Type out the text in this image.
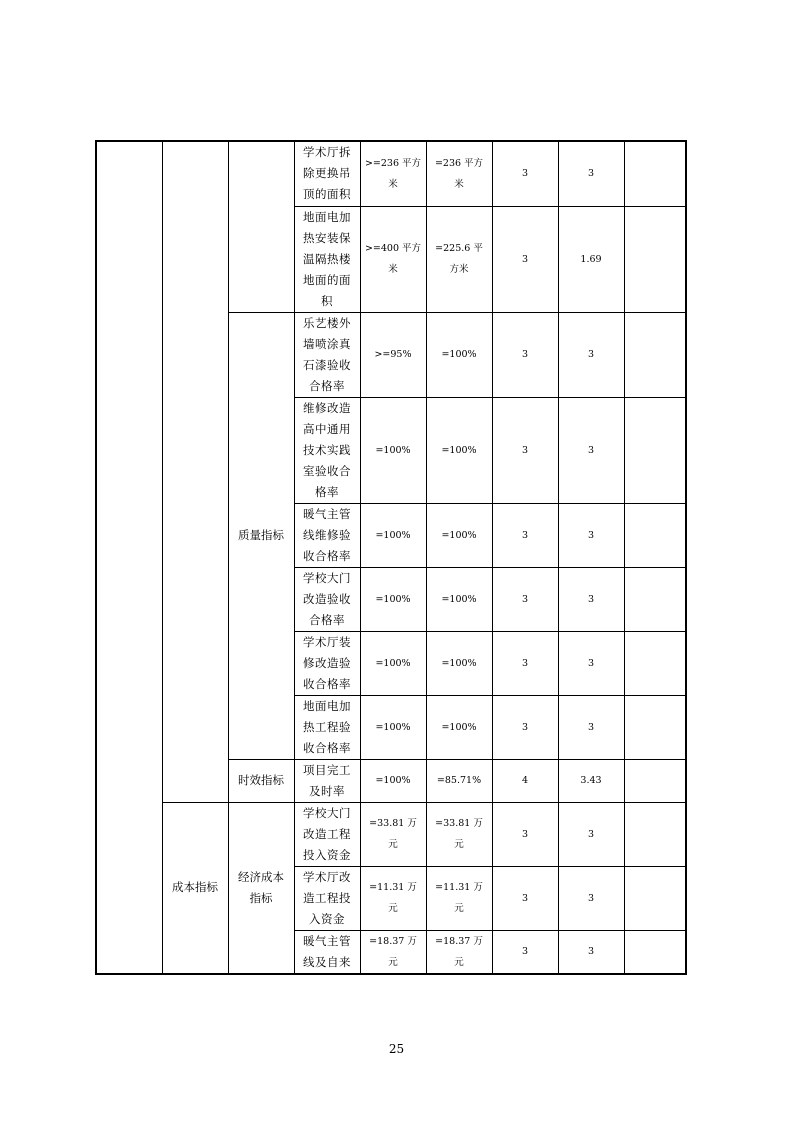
			学术厅拆除更换吊顶的面积	>=236 平方米	=236 平方米	3	3	
			地面电加热安装保温隔热楼地面的面积	>=400 平方米	=225.6 平方米	3	1.69	
		质量指标	乐艺楼外墙喷涂真石漆验收合格率	>=95%	=100%	3	3	
			维修改造高中通用技术实践室验收合格率	=100%	=100%	3	3	
			暖气主管线维修验收合格率	=100%	=100%	3	3	
			学校大门改造验收合格率	=100%	=100%	3	3	
			学术厅装修改造验收合格率	=100%	=100%	3	3	
			地面电加热工程验收合格率	=100%	=100%	3	3	
		时效指标	项目完工及时率	=100%	=85.71%	4	3.43	
	成本指标	经济成本指标	学校大门改造工程投入资金	=33.81 万元	=33.81 万元	3	3	
			学术厅改造工程投入资金	=11.31 万元	=11.31 万元	3	3	
			暖气主管线及自来	=18.37 万元	=18.37 万元	3	3	
25
